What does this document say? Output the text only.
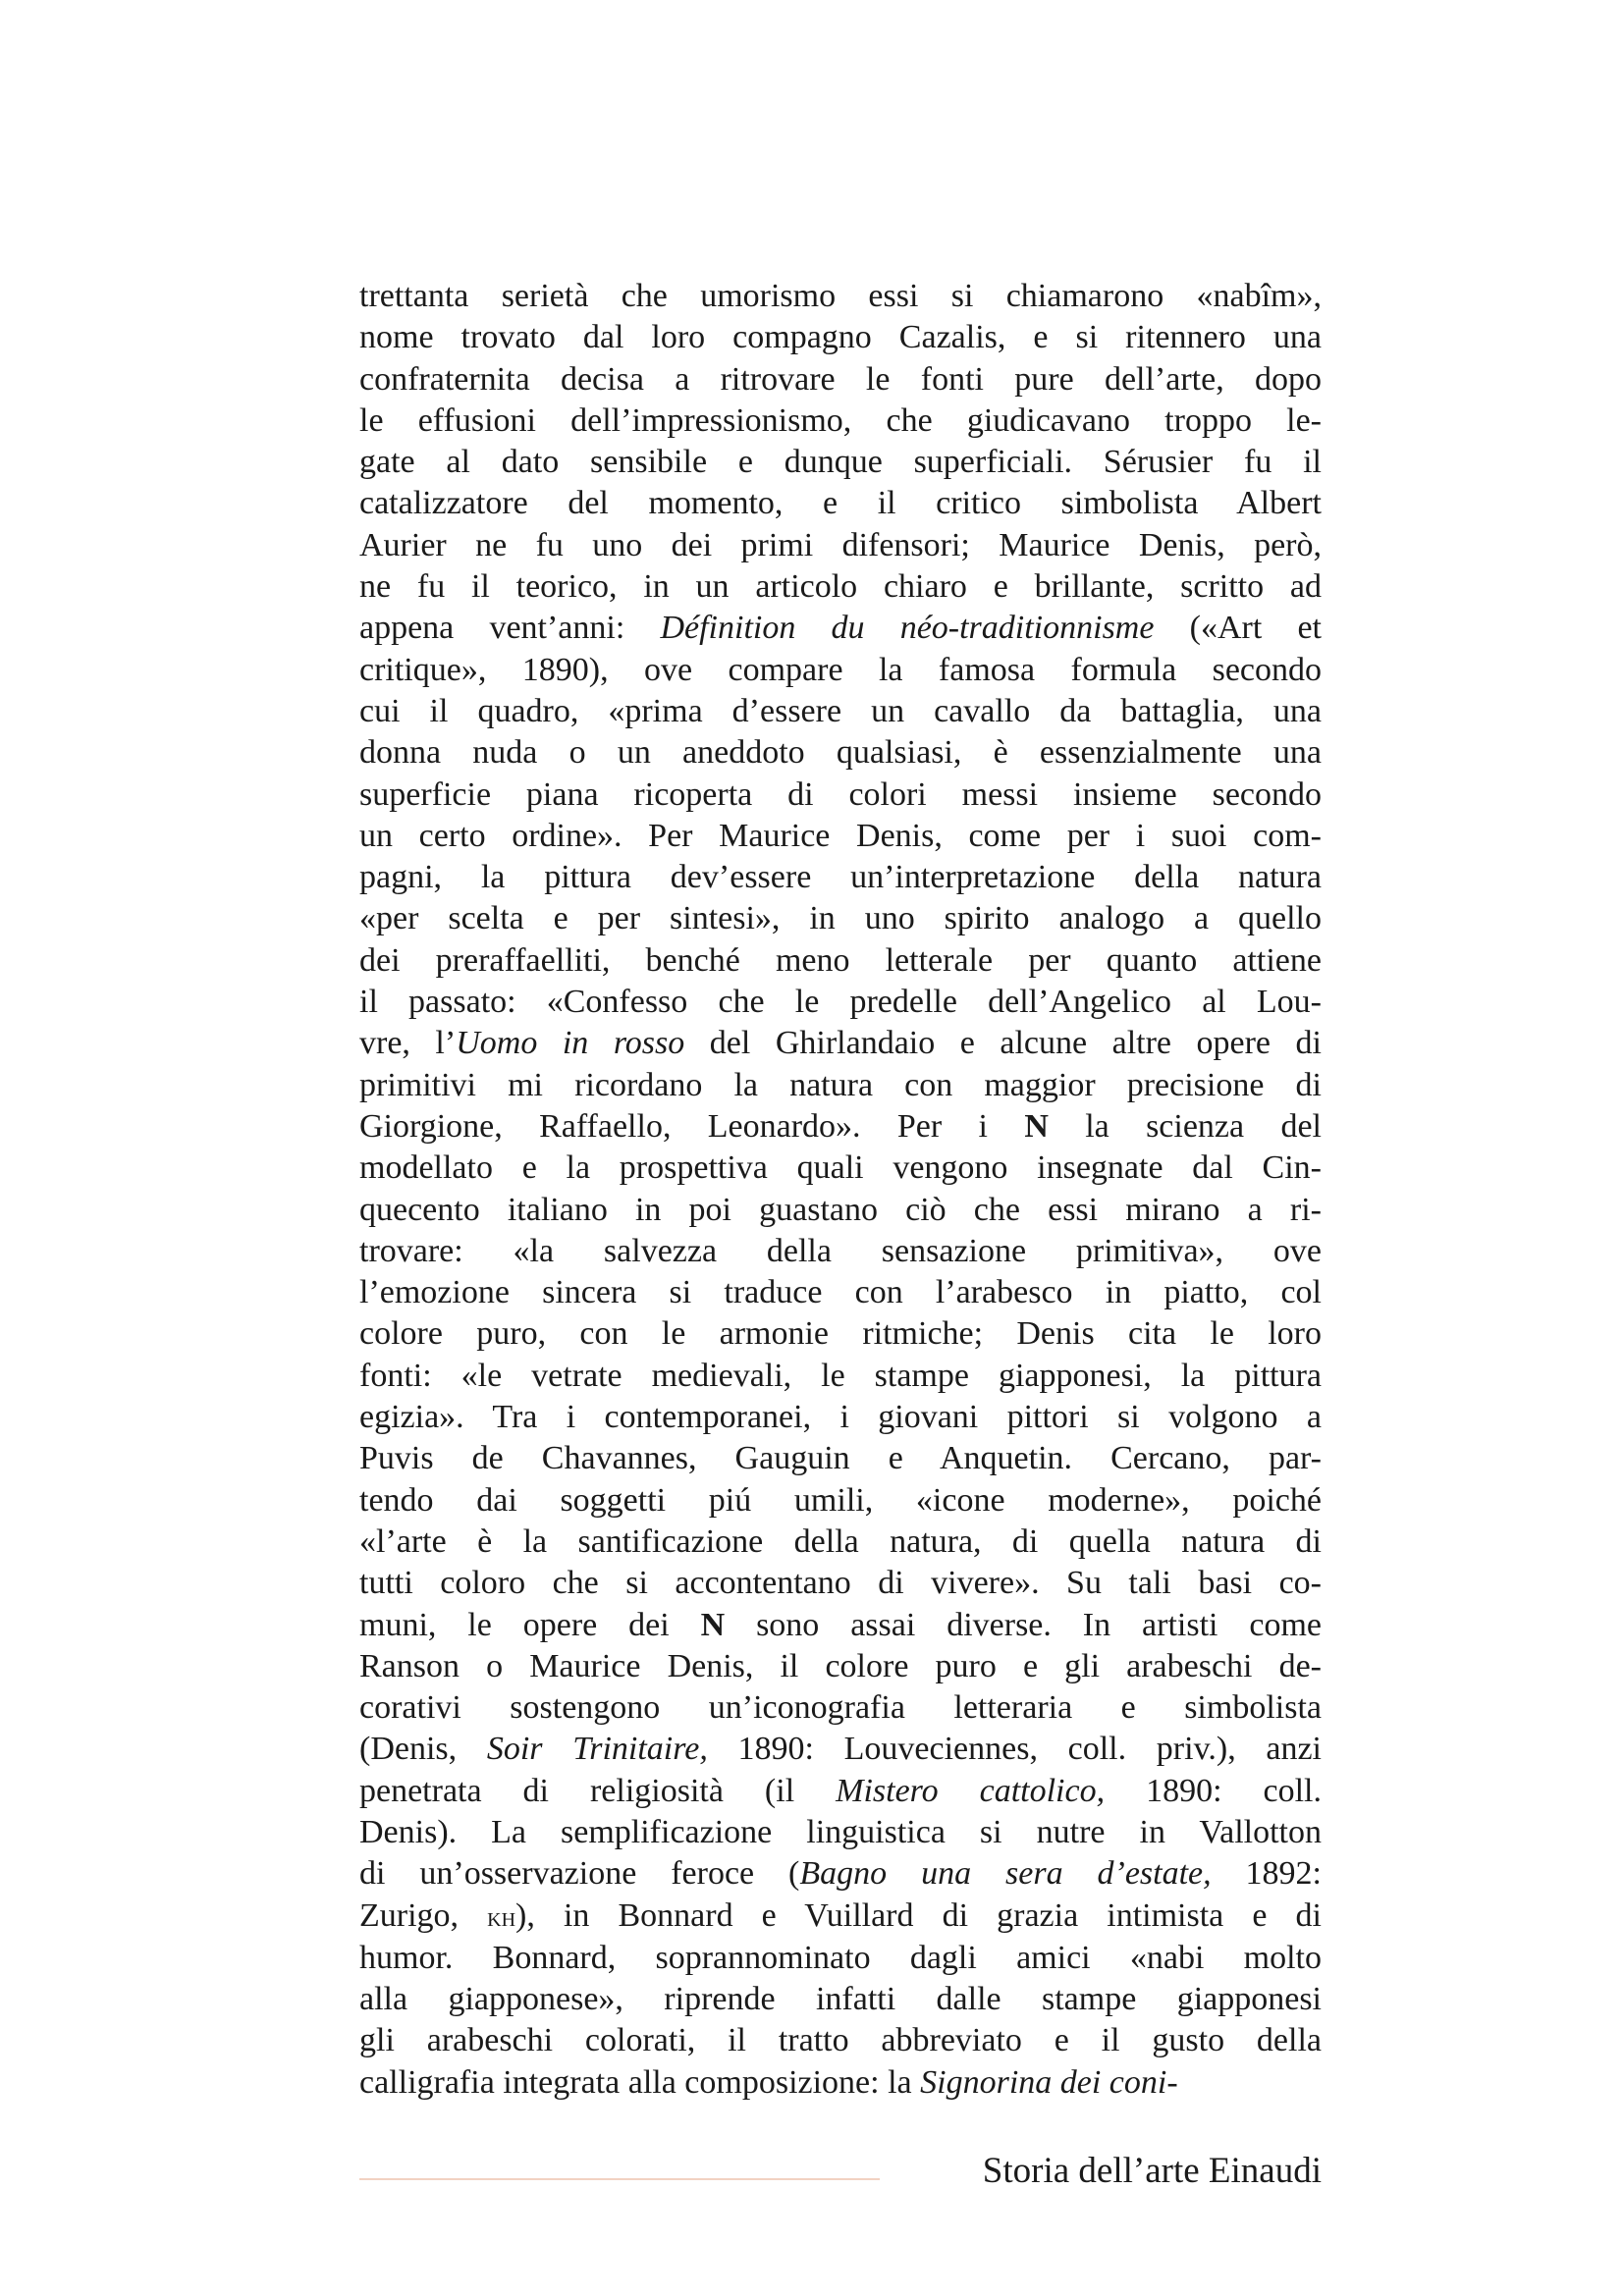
trettanta serietà che umorismo essi si chiamarono «nabîm»,
nome trovato dal loro compagno Cazalis, e si ritennero una
confraternita decisa a ritrovare le fonti pure dell’arte, dopo
le effusioni dell’impressionismo, che giudicavano troppo le-
gate al dato sensibile e dunque superficiali. Sérusier fu il
catalizzatore del momento, e il critico simbolista Albert
Aurier ne fu uno dei primi difensori; Maurice Denis, però,
ne fu il teorico, in un articolo chiaro e brillante, scritto ad
appena vent’anni: Définition du néo-traditionnisme («Art et
critique», 1890), ove compare la famosa formula secondo
cui il quadro, «prima d’essere un cavallo da battaglia, una
donna nuda o un aneddoto qualsiasi, è essenzialmente una
superficie piana ricoperta di colori messi insieme secondo
un certo ordine». Per Maurice Denis, come per i suoi com-
pagni, la pittura dev’essere un’interpretazione della natura
«per scelta e per sintesi», in uno spirito analogo a quello
dei preraffaelliti, benché meno letterale per quanto attiene
il passato: «Confesso che le predelle dell’Angelico al Lou-
vre, l’Uomo in rosso del Ghirlandaio e alcune altre opere di
primitivi mi ricordano la natura con maggior precisione di
Giorgione, Raffaello, Leonardo». Per i N la scienza del
modellato e la prospettiva quali vengono insegnate dal Cin-
quecento italiano in poi guastano ciò che essi mirano a ri-
trovare: «la salvezza della sensazione primitiva», ove
l’emozione sincera si traduce con l’arabesco in piatto, col
colore puro, con le armonie ritmiche; Denis cita le loro
fonti: «le vetrate medievali, le stampe giapponesi, la pittura
egizia». Tra i contemporanei, i giovani pittori si volgono a
Puvis de Chavannes, Gauguin e Anquetin. Cercano, par-
tendo dai soggetti piú umili, «icone moderne», poiché
«l’arte è la santificazione della natura, di quella natura di
tutti coloro che si accontentano di vivere». Su tali basi co-
muni, le opere dei N sono assai diverse. In artisti come
Ranson o Maurice Denis, il colore puro e gli arabeschi de-
corativi sostengono un’iconografia letteraria e simbolista
(Denis, Soir Trinitaire, 1890: Louveciennes, coll. priv.), anzi
penetrata di religiosità (il Mistero cattolico, 1890: coll.
Denis). La semplificazione linguistica si nutre in Vallotton
di un’osservazione feroce (Bagno una sera d’estate, 1892:
Zurigo, kh), in Bonnard e Vuillard di grazia intimista e di
humor. Bonnard, soprannominato dagli amici «nabi molto
alla giapponese», riprende infatti dalle stampe giapponesi
gli arabeschi colorati, il tratto abbreviato e il gusto della
calligrafia integrata alla composizione: la Signorina dei coni-
Storia dell’arte Einaudi
